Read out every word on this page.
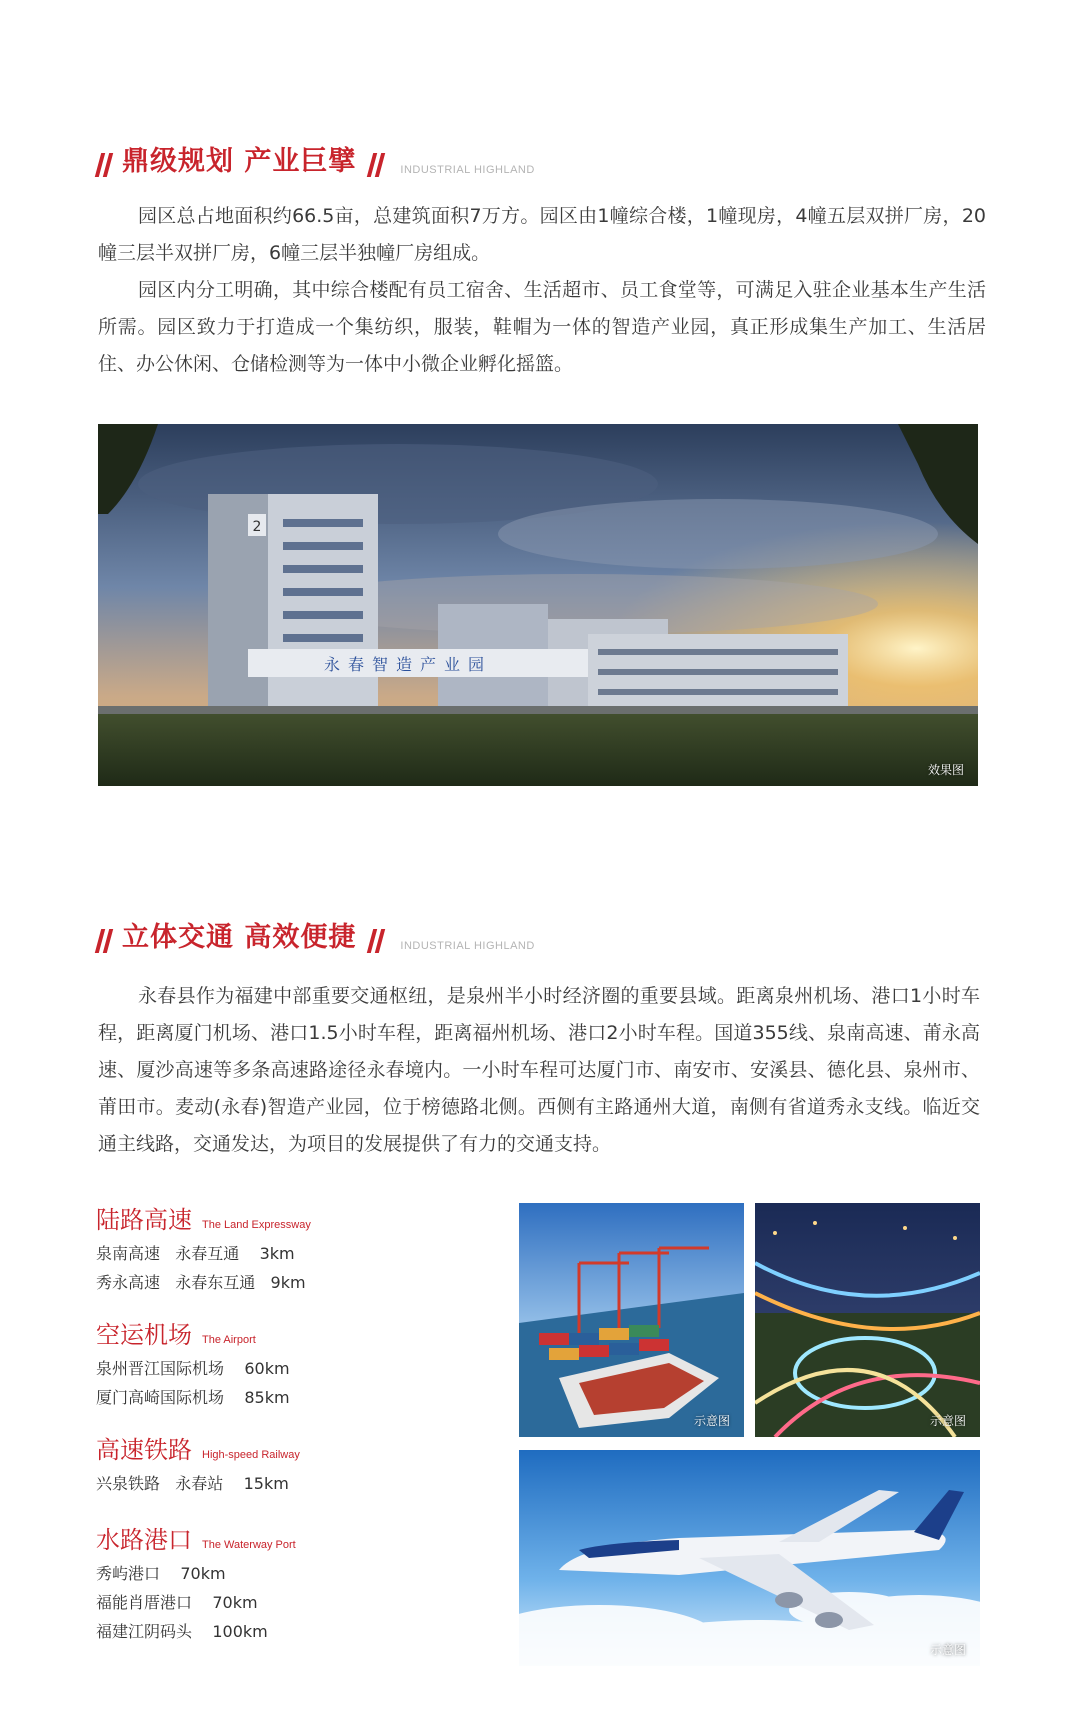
鼎级规划 产业巨擘	INDUSTRIAL HIGHLAND

园区总占地面积约66.5亩，总建筑面积7万方。园区由1幢综合楼，1幢现房，4幢五层双拼厂房，20幢三层半双拼厂房，6幢三层半独幢厂房组成。

园区内分工明确，其中综合楼配有员工宿舍、生活超市、员工食堂等，可满足入驻企业基本生产生活所需。园区致力于打造成一个集纺织，服装，鞋帽为一体的智造产业园，真正形成集生产加工、生活居住、办公休闲、仓储检测等为一体中小微企业孵化摇篮。

2
永春智造产业园
效果图
立体交通 高效便捷	INDUSTRIAL HIGHLAND

永春县作为福建中部重要交通枢纽，是泉州半小时经济圈的重要县域。距离泉州机场、港口1小时车程，距离厦门机场、港口1.5小时车程，距离福州机场、港口2小时车程。国道355线、泉南高速、莆永高速、厦沙高速等多条高速路途径永春境内。一小时车程可达厦门市、南安市、安溪县、德化县、泉州市、莆田市。麦动(永春)智造产业园，位于榜德路北侧。西侧有主路通州大道，南侧有省道秀永支线。临近交通主线路，交通发达，为项目的发展提供了有力的交通支持。

陆路高速 The Land Expressway
泉南高速   永春互通    3km
秀永高速   永春东互通   9km
空运机场 The Airport
泉州晋江国际机场    60km
厦门高崎国际机场    85km
高速铁路 High-speed Railway
兴泉铁路   永春站    15km
水路港口 The Waterway Port
秀屿港口    70km
福能肖厝港口    70km
福建江阴码头    100km
示意图	示意图
示意图
